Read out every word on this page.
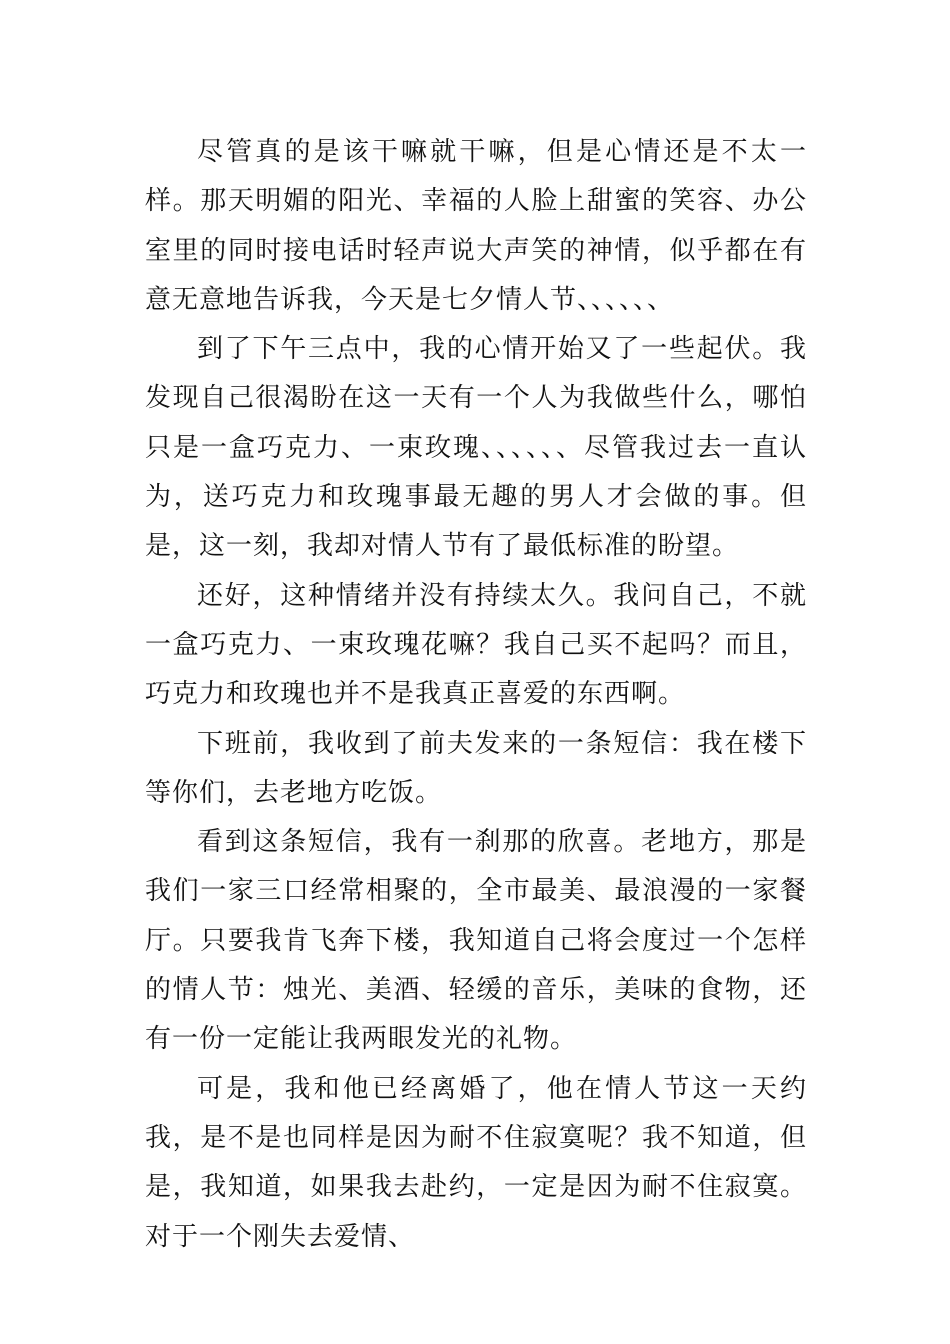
尽管真的是该干嘛就干嘛，但是心情还是不太一样。那天明媚的阳光、幸福的人脸上甜蜜的笑容、办公室里的同时接电话时轻声说大声笑的神情，似乎都在有意无意地告诉我，今天是七夕情人节、、、、、、

到了下午三点中，我的心情开始又了一些起伏。我发现自己很渴盼在这一天有一个人为我做些什么，哪怕只是一盒巧克力、一束玫瑰、、、、、、尽管我过去一直认为，送巧克力和玫瑰事最无趣的男人才会做的事。但是，这一刻，我却对情人节有了最低标准的盼望。

还好，这种情绪并没有持续太久。我问自己，不就一盒巧克力、一束玫瑰花嘛？我自己买不起吗？而且，巧克力和玫瑰也并不是我真正喜爱的东西啊。

下班前，我收到了前夫发来的一条短信：我在楼下等你们，去老地方吃饭。

看到这条短信，我有一刹那的欣喜。老地方，那是我们一家三口经常相聚的，全市最美、最浪漫的一家餐厅。只要我肯飞奔下楼，我知道自己将会度过一个怎样的情人节：烛光、美酒、轻缓的音乐，美味的食物，还有一份一定能让我两眼发光的礼物。

可是，我和他已经离婚了，他在情人节这一天约我，是不是也同样是因为耐不住寂寞呢？我不知道，但是，我知道，如果我去赴约，一定是因为耐不住寂寞。对于一个刚失去爱情、
